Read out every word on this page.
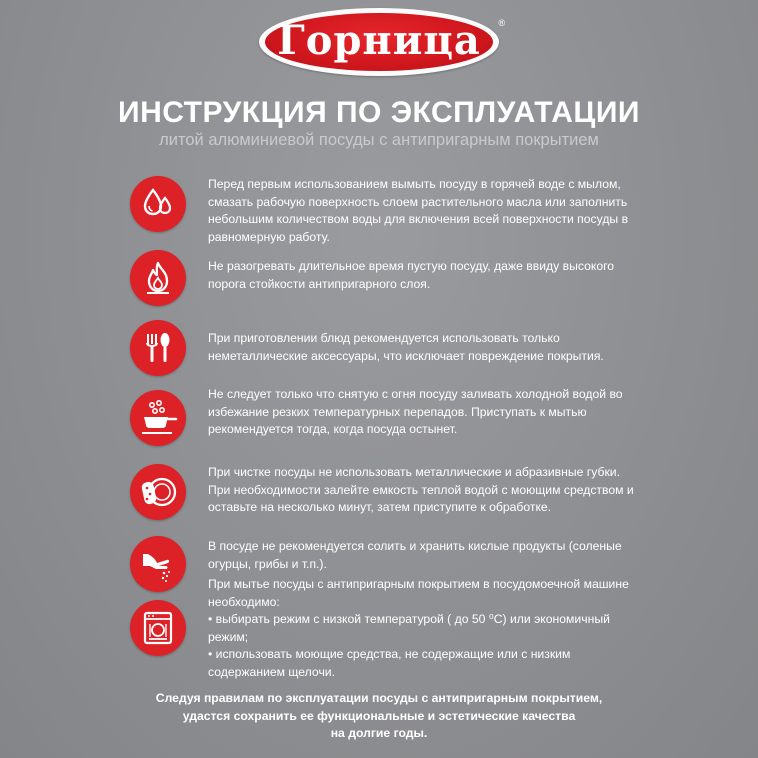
Горница ®
ИНСТРУКЦИЯ ПО ЭКСПЛУАТАЦИИ
литой алюминиевой посуды с антипригарным покрытием

Перед первым использованием вымыть посуду в горячей воде с мылом, смазать рабочую поверхность слоем растительного масла или заполнить небольшим количеством воды для включения всей поверхности посуды в равномерную работу.

Не разогревать длительное время пустую посуду, даже ввиду высокого порога стойкости антипригарного слоя.

При приготовлении блюд рекомендуется использовать только неметаллические аксессуары, что исключает повреждение покрытия.

Не следует только что снятую с огня посуду заливать холодной водой во избежание резких температурных перепадов. Приступать к мытью рекомендуется тогда, когда посуда остынет.

При чистке посуды не использовать металлические и абразивные губки. При необходимости залейте емкость теплой водой с моющим средством и оставьте на несколько минут, затем приступите к обработке.

В посуде не рекомендуется солить и хранить кислые продукты (соленые огурцы, грибы и т.п.).

При мытье посуды с антипригарным покрытием в посудомоечной машине необходимо:

• выбирать режим с низкой температурой ( до 50 ⁰C) или экономичный режим;

• использовать моющие средства, не содержащие или с низким содержанием щелочи.

Следуя правилам по эксплуатации посуды с антипригарным покрытием,
удастся сохранить ее функциональные и эстетические качества
на долгие годы.
